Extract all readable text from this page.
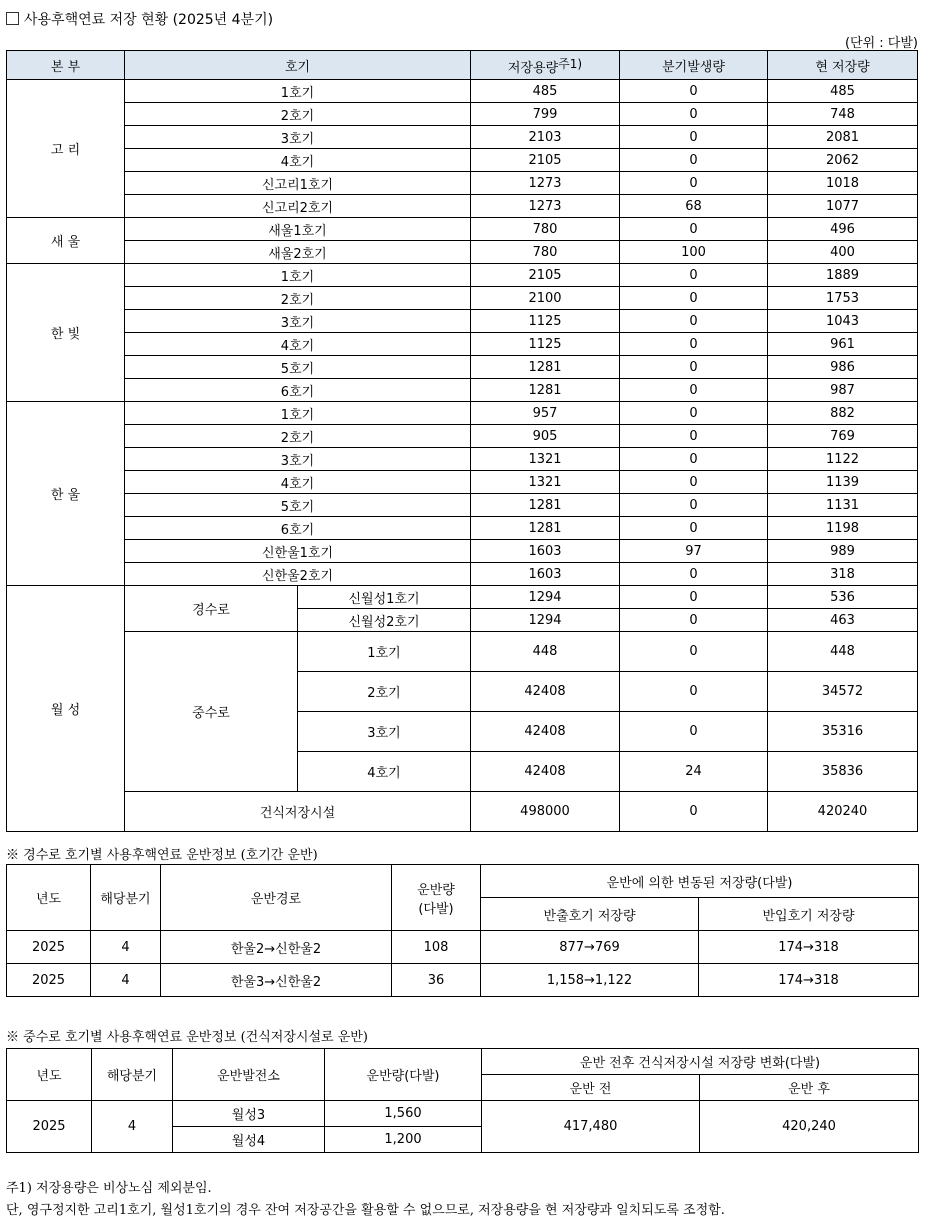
사용후핵연료 저장 현황 (2025년 4분기)
(단위 : 다발)
본 부	호기		저장용량주1)	분기발생량	현 저장량
고 리	1호기		485	0	485
	2호기		799	0	748
	3호기		2103	0	2081
	4호기		2105	0	2062
	신고리1호기		1273	0	1018
	신고리2호기		1273	68	1077
새 울	새울1호기		780	0	496
	새울2호기		780	100	400
한 빛	1호기		2105	0	1889
	2호기		2100	0	1753
	3호기		1125	0	1043
	4호기		1125	0	961
	5호기		1281	0	986
	6호기		1281	0	987
한 울	1호기		957	0	882
	2호기		905	0	769
	3호기		1321	0	1122
	4호기		1321	0	1139
	5호기		1281	0	1131
	6호기		1281	0	1198
	신한울1호기		1603	97	989
	신한울2호기		1603	0	318
월 성	경수로	신월성1호기	1294	0	536
		신월성2호기	1294	0	463
	중수로	1호기	448	0	448
		2호기	42408	0	34572
		3호기	42408	0	35316
		4호기	42408	24	35836
	건식저장시설		498000	0	420240
※ 경수로 호기별 사용후핵연료 운반정보 (호기간 운반)
년도	해당분기	운반경로	운반량
(다발)	운반에 의한 변동된 저장량(다발)	
				반출호기 저장량	반입호기 저장량
2025	4	한울2→신한울2	108	877→769	174→318
2025	4	한울3→신한울2	36	1,158→1,122	174→318
※ 중수로 호기별 사용후핵연료 운반정보 (건식저장시설로 운반)
년도	해당분기	운반발전소	운반량(다발)	운반 전후 건식저장시설 저장량 변화(다발)	
				운반 전	운반 후
2025	4	월성3	1,560	417,480	420,240
		월성4	1,200		
주1) 저장용량은 비상노심 제외분임.
단, 영구정지한 고리1호기, 월성1호기의 경우 잔여 저장공간을 활용할 수 없으므로, 저장용량을 현 저장량과 일치되도록 조정함.
